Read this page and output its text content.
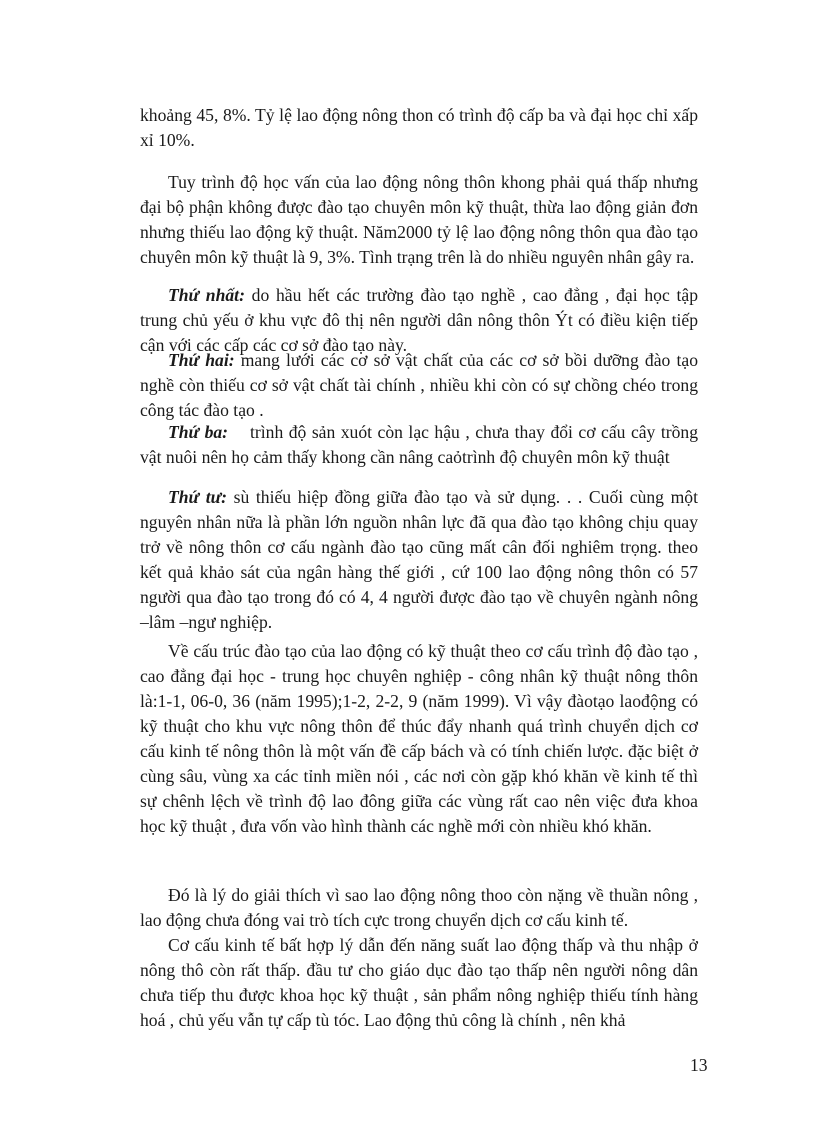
khoảng 45, 8%. Tỷ lệ lao động nông thon có trình độ cấp ba và đại học chỉ xấp xỉ 10%.

Tuy trình độ học vấn của lao động nông thôn khong phải quá thấp nhưng đại bộ phận không được đào tạo chuyên môn kỹ thuật, thừa lao động giản đơn nhưng thiếu lao động kỹ thuật. Năm2000 tỷ lệ lao động nông thôn qua đào tạo chuyên môn kỹ thuật là 9, 3%. Tình trạng trên là do nhiều nguyên nhân gây ra.

Thứ nhất: do hầu hết các trường đào tạo nghề , cao đẳng , đại học tập trung chủ yếu ở khu vực đô thị nên người dân nông thôn Ýt có điều kiện tiếp cận với các cấp các cơ sở đào tạo này.

Thứ hai: mang lưới các cơ sở vật chất của các cơ sở bồi dưỡng đào tạo nghề còn thiếu cơ sở vật chất tài chính , nhiều khi còn có sự chồng chéo trong công tác đào tạo .

Thứ ba:    trình độ sản xuót còn lạc hậu , chưa thay đổi cơ cấu cây trồng vật nuôi nên họ cảm thấy khong cần nâng caỏtrình độ chuyên môn kỹ thuật

Thứ tư: sù thiếu hiệp đồng giữa đào tạo và sử dụng. . . Cuối cùng một nguyên nhân nữa là phần lớn nguồn nhân lực đã qua đào tạo không chịu quay trở về nông thôn cơ cấu ngành đào tạo cũng mất cân đối nghiêm trọng. theo kết quả khảo sát của ngân hàng thế giới , cứ 100 lao động nông thôn có 57 người qua đào tạo trong đó có 4, 4 người được đào tạo về chuyên ngành nông –lâm –ngư nghiệp.

Về cấu trúc đào tạo của lao động có kỹ thuật theo cơ cấu trình độ đào tạo , cao đẳng đại học - trung học chuyên nghiệp - công nhân kỹ thuật nông thôn là:1-1, 06-0, 36 (năm 1995);1-2, 2-2, 9 (năm 1999). Vì vậy đàotạo laođộng có kỹ thuật cho khu vực nông thôn để thúc đẩy nhanh quá trình chuyển dịch cơ cấu kinh tế nông thôn là một vấn đề cấp bách và có tính chiến lược. đặc biệt ở cùng sâu, vùng xa các tỉnh miền nói , các nơi còn gặp khó khăn về kinh tế thì sự chênh lệch về trình độ lao đông giữa các vùng rất cao nên việc đưa khoa học kỹ thuật , đưa vốn vào hình thành các nghề mới còn nhiều khó khăn.

Đó là lý do giải thích vì sao lao động nông thoo còn nặng về thuần nông , lao động chưa đóng vai trò tích cực trong chuyển dịch cơ cấu kinh tế.

Cơ cấu kinh tế bất hợp lý dẫn đến năng suất lao động thấp và thu nhập ở nông thô còn rất thấp. đầu tư cho giáo dục đào tạo thấp nên người nông dân chưa tiếp thu được khoa học kỹ thuật , sản phẩm nông nghiệp thiếu tính hàng hoá , chủ yếu vẫn tự cấp tù tóc. Lao động thủ công là chính , nên khả

13
